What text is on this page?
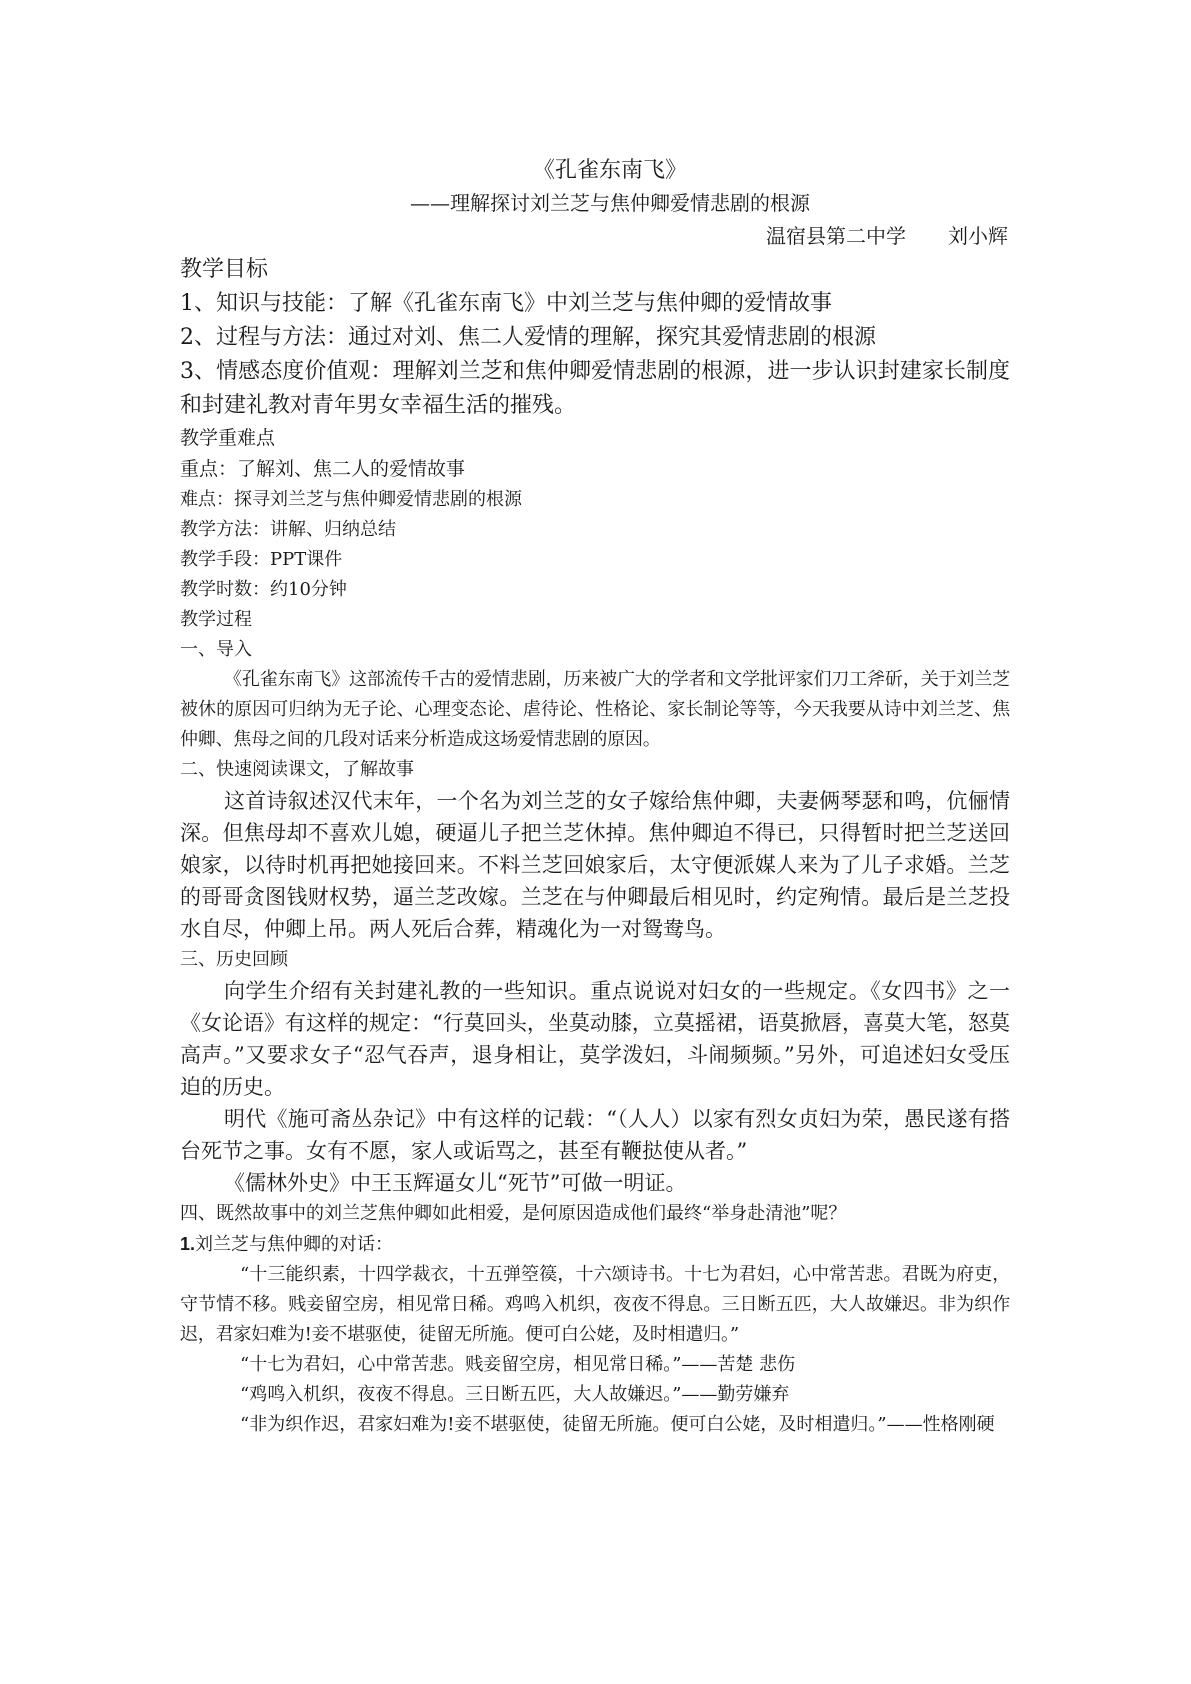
《孔雀东南飞》

——理解探讨刘兰芝与焦仲卿爱情悲剧的根源

温宿县第二中学 刘小辉

教学目标

1、知识与技能：了解《孔雀东南飞》中刘兰芝与焦仲卿的爱情故事

2、过程与方法：通过对刘、焦二人爱情的理解，探究其爱情悲剧的根源

3、情感态度价值观：理解刘兰芝和焦仲卿爱情悲剧的根源，进一步认识封建家长制度和封建礼教对青年男女幸福生活的摧残。

教学重难点

重点：了解刘、焦二人的爱情故事

难点：探寻刘兰芝与焦仲卿爱情悲剧的根源

教学方法：讲解、归纳总结

教学手段：PPT课件

教学时数：约10分钟

教学过程

一、导入

《孔雀东南飞》这部流传千古的爱情悲剧，历来被广大的学者和文学批评家们刀工斧斫，关于刘兰芝被休的原因可归纳为无子论、心理变态论、虐待论、性格论、家长制论等等，今天我要从诗中刘兰芝、焦仲卿、焦母之间的几段对话来分析造成这场爱情悲剧的原因。

二、快速阅读课文，了解故事

这首诗叙述汉代末年，一个名为刘兰芝的女子嫁给焦仲卿，夫妻俩琴瑟和鸣，伉俪情深。但焦母却不喜欢儿媳，硬逼儿子把兰芝休掉。焦仲卿迫不得已，只得暂时把兰芝送回娘家，以待时机再把她接回来。不料兰芝回娘家后，太守便派媒人来为了儿子求婚。兰芝的哥哥贪图钱财权势，逼兰芝改嫁。兰芝在与仲卿最后相见时，约定殉情。最后是兰芝投水自尽，仲卿上吊。两人死后合葬，精魂化为一对鸳鸯鸟。

三、历史回顾

向学生介绍有关封建礼教的一些知识。重点说说对妇女的一些规定。《女四书》之一《女论语》有这样的规定：“行莫回头，坐莫动膝，立莫摇裙，语莫掀唇，喜莫大笔，怒莫高声。”又要求女子“忍气吞声，退身相让，莫学泼妇，斗闹频频。”另外，可追述妇女受压迫的历史。

明代《施可斋丛杂记》中有这样的记载：“（人人）以家有烈女贞妇为荣，愚民遂有搭台死节之事。女有不愿，家人或诟骂之，甚至有鞭挞使从者。”

《儒林外史》中王玉辉逼女儿“死节”可做一明证。

四、既然故事中的刘兰芝焦仲卿如此相爱，是何原因造成他们最终“举身赴清池”呢？

1.刘兰芝与焦仲卿的对话：

“十三能织素，十四学裁衣，十五弹箜篌，十六颂诗书。十七为君妇，心中常苦悲。君既为府吏，守节情不移。贱妾留空房，相见常日稀。鸡鸣入机织，夜夜不得息。三日断五匹，大人故嫌迟。非为织作迟，君家妇难为!妾不堪驱使，徒留无所施。便可白公姥，及时相遣归。”

“十七为君妇，心中常苦悲。贱妾留空房，相见常日稀。”——苦楚 悲伤

“鸡鸣入机织，夜夜不得息。三日断五匹，大人故嫌迟。”——勤劳嫌弃

“非为织作迟，君家妇难为!妾不堪驱使，徒留无所施。便可白公姥，及时相遣归。”——性格刚硬
